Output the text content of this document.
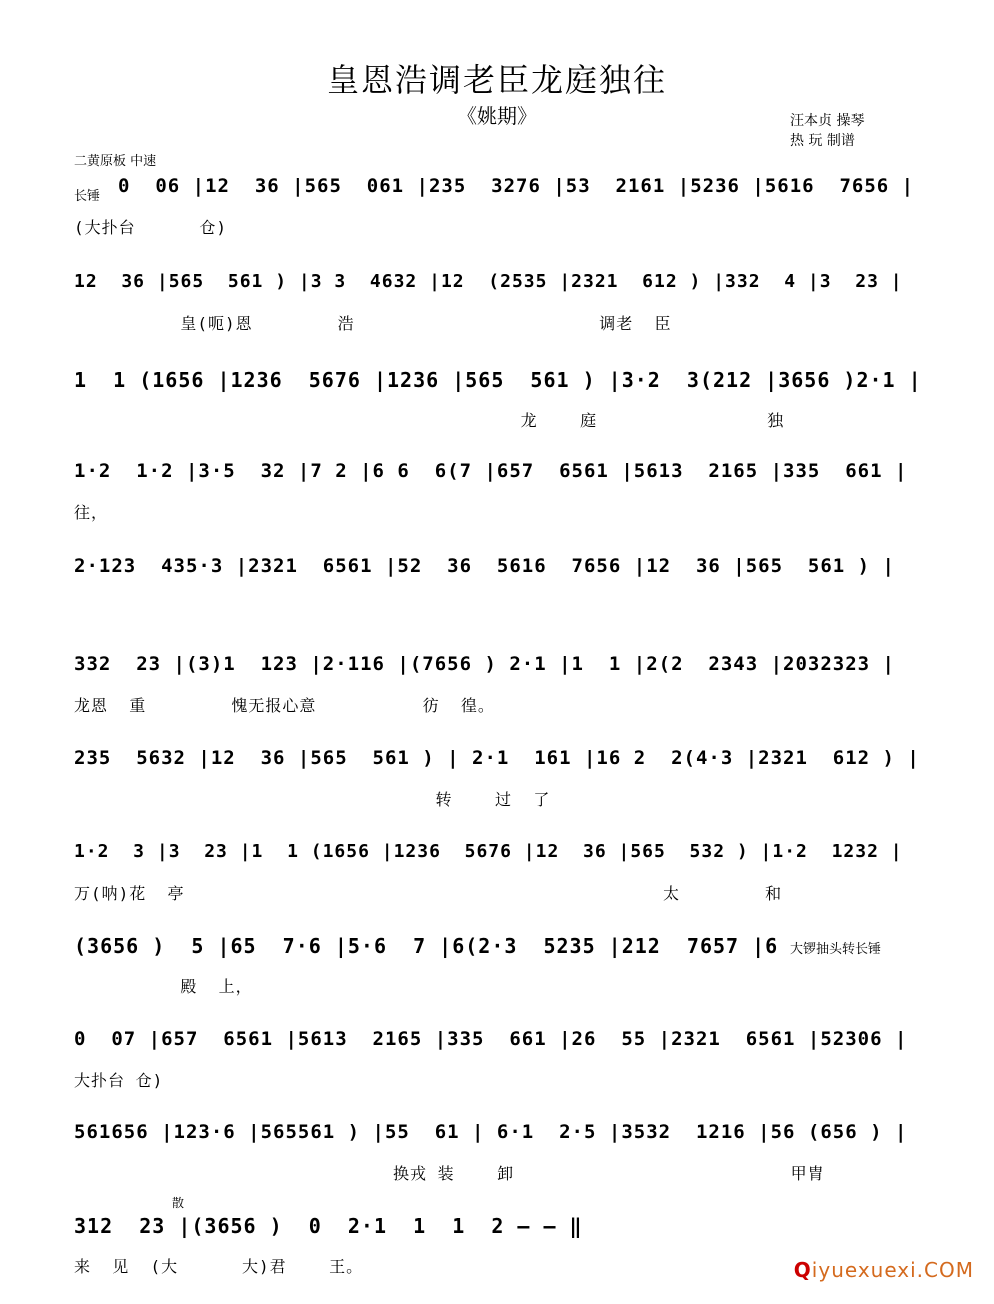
皇恩浩调老臣龙庭独往
《姚期》	汪本贞 操琴
热 玩 制谱
二黄原板 中速
长锤 0  06 |12  36 |565  061 |235  3276 |53  2161 |5236 |5616  7656 |
(大扑台      仓)
12  36 |565  561 ) |3 3  4632 |12  (2535 |2321  612 ) |332  4 |3  23 |
皇(呃)恩        浩                       调老  臣
1  1 (1656 |1236  5676 |1236 |565  561 ) |3·2  3(212 |3656 )2·1 |
龙    庭                独
1·2  1·2 |3·5  32 |7 2 |6 6  6(7 |657  6561 |5613  2165 |335  661 |
往，
2·123  435·3 |2321  6561 |52  36  5616  7656 |12  36 |565  561 ) |
332  23 |(3)1  123 |2·116 |(7656 ) 2·1 |1  1 |2(2  2343 |2032323 |
龙恩  重        愧无报心意          彷  徨。
235  5632 |12  36 |565  561 ) | 2·1  161 |16 2  2(4·3 |2321  612 ) |
转    过  了
1·2  3 |3  23 |1  1 (1656 |1236  5676 |12  36 |565  532 ) |1·2  1232 |
万(呐)花  亭                                             太        和
(3656 )  5 |65  7·6 |5·6  7 |6(2·3  5235 |212  7657 |6 大锣抽头转长锤
殿  上，
0  07 |657  6561 |5613  2165 |335  661 |26  55 |2321  6561 |52306 |
大扑台 仓)
561656 |123·6 |565561 ) |55  61 | 6·1  2·5 |3532  1216 |56 (656 ) |
换戎 装    卸                          甲胄
散
312  23 |(3656 )  0  2·1  1  1  2 — — ‖
来  见  (大      大)君    王。	Qiyuexuexi.COM
